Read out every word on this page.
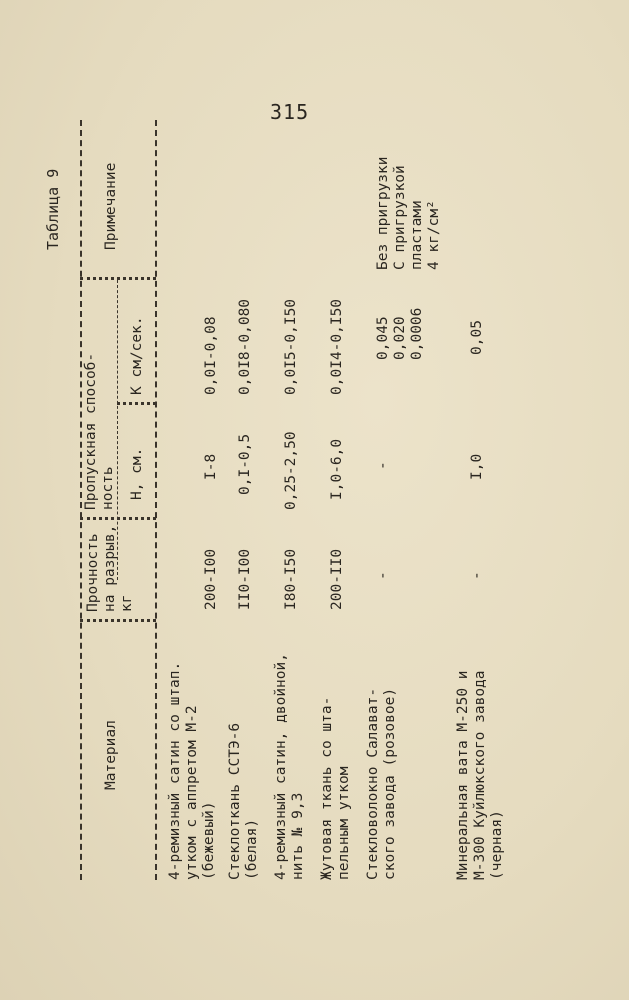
315
Таблица 9
Материал
Прочность
на разрыв,
кг
Пропускная способ-
ность Н, см.
К см/сек.
Примечание
4-ремизный сатин со штап.
утком с аппретом М-2
(бежевый)
200-I00
I-8
0,0I-0,08
Стеклоткань ССТЭ-6
(белая)
II0-I00
0,I-0,5
0,0I8-0,080
4-ремизный сатин, двойной,
нить № 9,3
I80-I50
0,25-2,50
0,0I5-0,I50
Жутовая ткань со шта-
пельным утком
200-II0
I,0-6,0
0,0I4-0,I50
Стекловолокно Салават-
ского завода (розовое)
-
-
0,045
0,020
0,0006
Без пригрузки
С пригрузкой
пластами
4 кг/см²
Минеральная вата М-250 и
М-300 Куйлюкского завода
(черная)
-
I,0
0,05
